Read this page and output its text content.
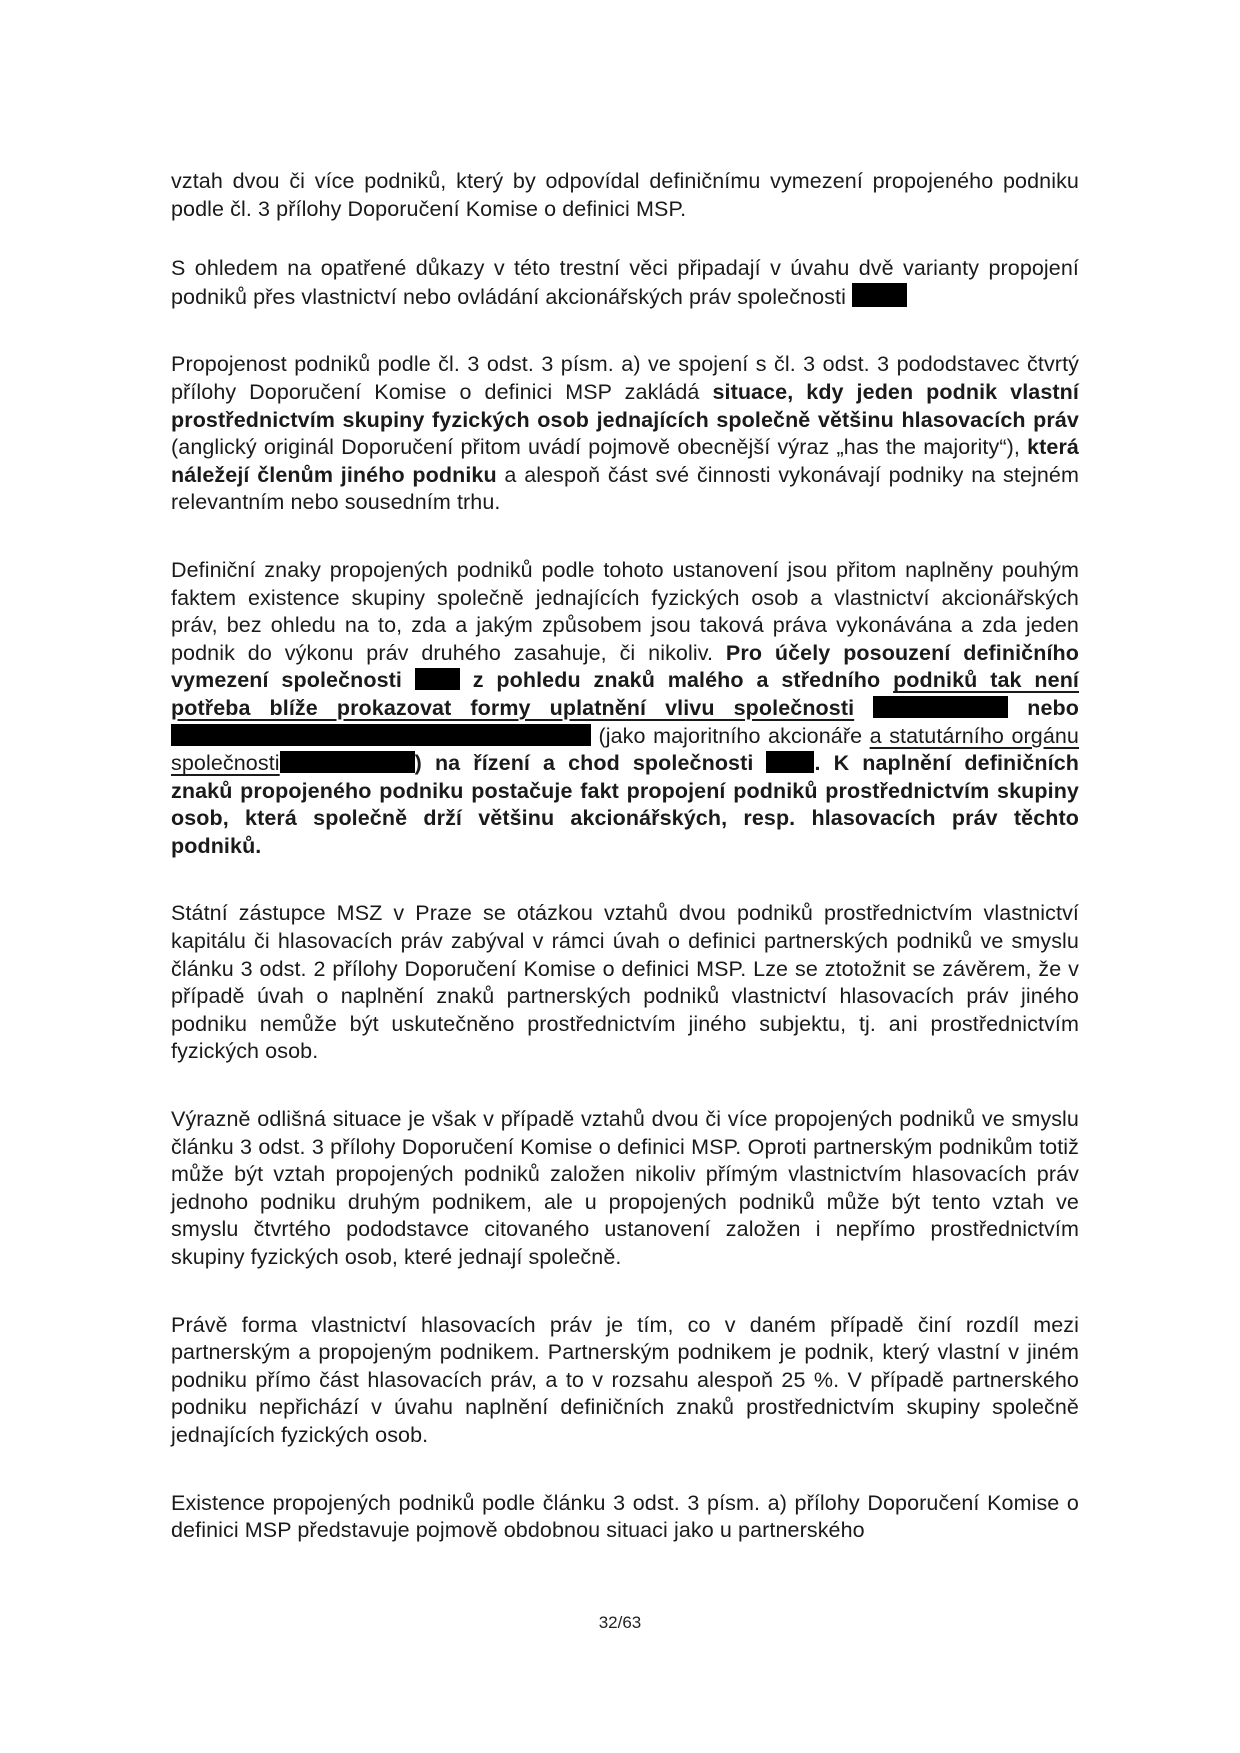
vztah dvou či více podniků, který by odpovídal definičnímu vymezení propojeného podniku podle čl. 3 přílohy Doporučení Komise o definici MSP.

S ohledem na opatřené důkazy v této trestní věci připadají v úvahu dvě varianty propojení podniků přes vlastnictví nebo ovládání akcionářských práv společnosti

Propojenost podniků podle čl. 3 odst. 3 písm. a) ve spojení s čl. 3 odst. 3 pododstavec čtvrtý přílohy Doporučení Komise o definici MSP zakládá situace, kdy jeden podnik vlastní prostřednictvím skupiny fyzických osob jednajících společně většinu hlasovacích práv (anglický originál Doporučení přitom uvádí pojmově obecnější výraz „has the majority“), která náležejí členům jiného podniku a alespoň část své činnosti vykonávají podniky na stejném relevantním nebo sousedním trhu.

Definiční znaky propojených podniků podle tohoto ustanovení jsou přitom naplněny pouhým faktem existence skupiny společně jednajících fyzických osob a vlastnictví akcionářských práv, bez ohledu na to, zda a jakým způsobem jsou taková práva vykonávána a zda jeden podnik do výkonu práv druhého zasahuje, či nikoliv. Pro účely posouzení definičního vymezení společnosti	z pohledu znaků malého a středního podniků tak není potřeba blíže prokazovat formy uplatnění vlivu společnosti	nebo  (jako majoritního akcionáře a statutárního orgánu společnosti	) na řízení a chod společnosti	. K naplnění definičních znaků propojeného podniku postačuje fakt propojení podniků prostřednictvím skupiny osob, která společně drží většinu akcionářských, resp. hlasovacích práv těchto podniků.

Státní zástupce MSZ v Praze se otázkou vztahů dvou podniků prostřednictvím vlastnictví kapitálu či hlasovacích práv zabýval v rámci úvah o definici partnerských podniků ve smyslu článku 3 odst. 2 přílohy Doporučení Komise o definici MSP. Lze se ztotožnit se závěrem, že v případě úvah o naplnění znaků partnerských podniků vlastnictví hlasovacích práv jiného podniku nemůže být uskutečněno prostřednictvím jiného subjektu, tj. ani prostřednictvím fyzických osob.

Výrazně odlišná situace je však v případě vztahů dvou či více propojených podniků ve smyslu článku 3 odst. 3 přílohy Doporučení Komise o definici MSP. Oproti partnerským podnikům totiž může být vztah propojených podniků založen nikoliv přímým vlastnictvím hlasovacích práv jednoho podniku druhým podnikem, ale u propojených podniků může být tento vztah ve smyslu čtvrtého pododstavce citovaného ustanovení založen i nepřímo prostřednictvím skupiny fyzických osob, které jednají společně.

Právě forma vlastnictví hlasovacích práv je tím, co v daném případě činí rozdíl mezi partnerským a propojeným podnikem. Partnerským podnikem je podnik, který vlastní v jiném podniku přímo část hlasovacích práv, a to v rozsahu alespoň 25 %. V případě partnerského podniku nepřichází v úvahu naplnění definičních znaků prostřednictvím skupiny společně jednajících fyzických osob.

Existence propojených podniků podle článku 3 odst. 3 písm. a) přílohy Doporučení Komise o definici MSP představuje pojmově obdobnou situaci jako u partnerského

32/63
